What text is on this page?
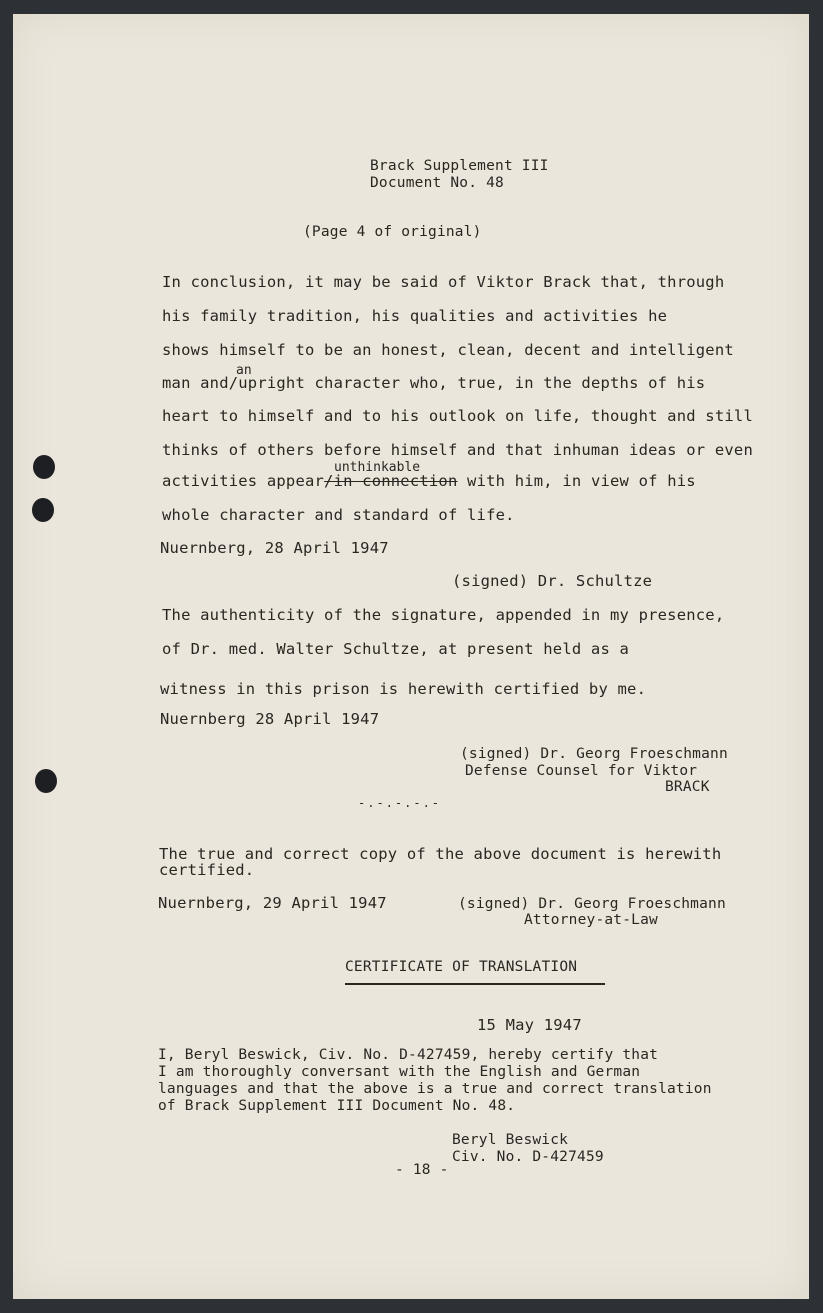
Brack Supplement III
Document No. 48
(Page 4 of original)
In conclusion, it may be said of Viktor Brack that, through
his family tradition, his qualities and activities he
shows himself to be an honest, clean, decent and intelligent
man and/upright character who, true, in the depths of his
an
heart to himself and to his outlook on life, thought and still
thinks of others before himself and that inhuman ideas or even
unthinkable
activities appear/in connection with him, in view of his
whole character and standard of life.
Nuernberg, 28 April 1947
(signed) Dr. Schultze
The authenticity of the signature, appended in my presence,
of Dr. med. Walter Schultze, at present held as a
witness in this prison is herewith certified by me.
Nuernberg 28 April 1947
(signed) Dr. Georg Froeschmann
Defense Counsel for Viktor
BRACK
-.-.-.-.-
The true and correct copy of the above document is herewith
certified.
Nuernberg, 29 April 1947	(signed) Dr. Georg Froeschmann
Attorney-at-Law
CERTIFICATE OF TRANSLATION
15 May 1947
I, Beryl Beswick, Civ. No. D-427459, hereby certify that
I am thoroughly conversant with the English and German
languages and that the above is a true and correct translation
of Brack Supplement III Document No. 48.
Beryl Beswick
Civ. No. D-427459
- 18 -
